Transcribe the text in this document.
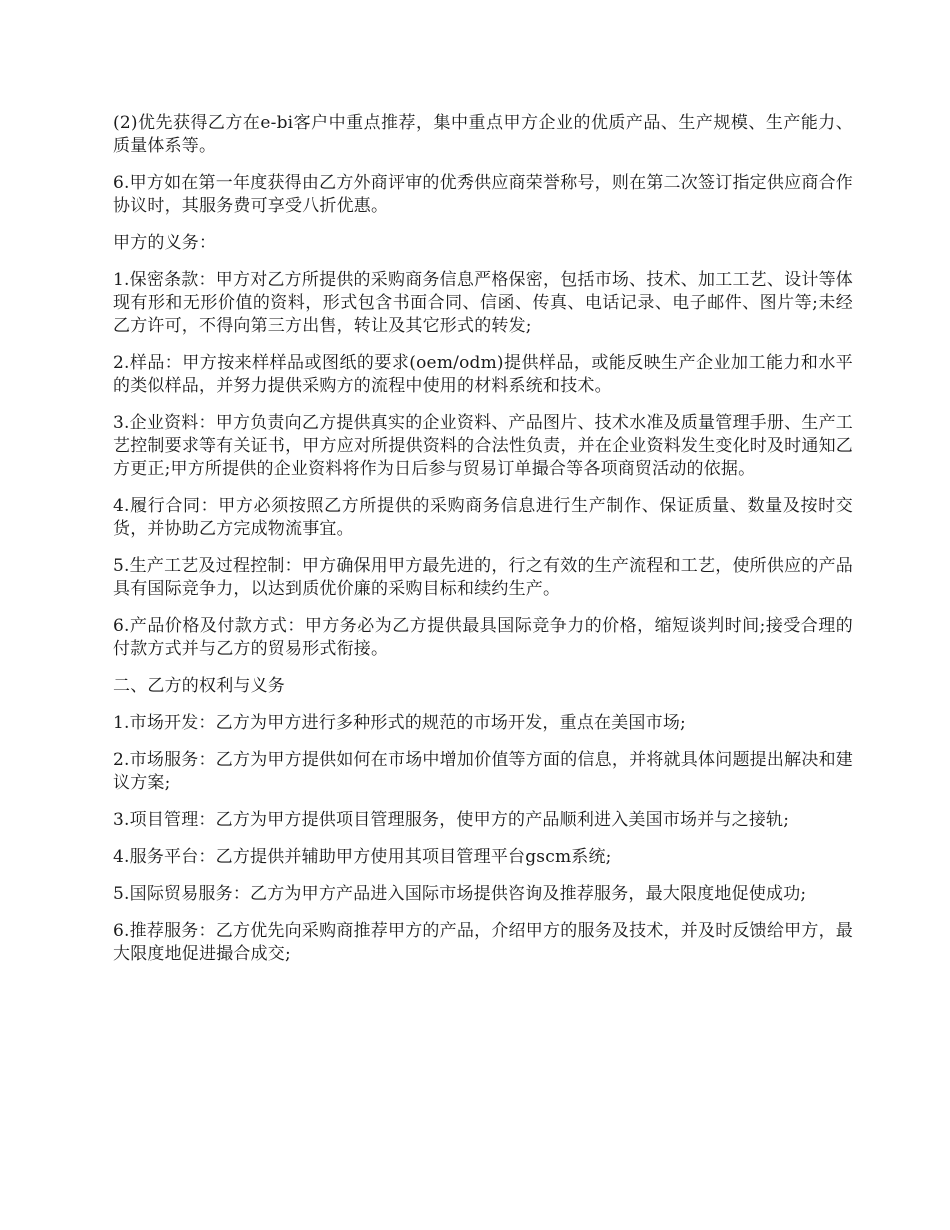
(2)优先获得乙方在e-bi客户中重点推荐，集中重点甲方企业的优质产品、生产规模、生产能力、质量体系等。

6.甲方如在第一年度获得由乙方外商评审的优秀供应商荣誉称号，则在第二次签订指定供应商合作协议时，其服务费可享受八折优惠。

甲方的义务：

1.保密条款：甲方对乙方所提供的采购商务信息严格保密，包括市场、技术、加工工艺、设计等体现有形和无形价值的资料，形式包含书面合同、信函、传真、电话记录、电子邮件、图片等;未经乙方许可，不得向第三方出售，转让及其它形式的转发;

2.样品：甲方按来样样品或图纸的要求(oem/odm)提供样品，或能反映生产企业加工能力和水平的类似样品，并努力提供采购方的流程中使用的材料系统和技术。

3.企业资料：甲方负责向乙方提供真实的企业资料、产品图片、技术水准及质量管理手册、生产工艺控制要求等有关证书，甲方应对所提供资料的合法性负责，并在企业资料发生变化时及时通知乙方更正;甲方所提供的企业资料将作为日后参与贸易订单撮合等各项商贸活动的依据。

4.履行合同：甲方必须按照乙方所提供的采购商务信息进行生产制作、保证质量、数量及按时交货，并协助乙方完成物流事宜。

5.生产工艺及过程控制：甲方确保用甲方最先进的，行之有效的生产流程和工艺，使所供应的产品具有国际竞争力，以达到质优价廉的采购目标和续约生产。

6.产品价格及付款方式：甲方务必为乙方提供最具国际竞争力的价格，缩短谈判时间;接受合理的付款方式并与乙方的贸易形式衔接。

二、乙方的权利与义务

1.市场开发：乙方为甲方进行多种形式的规范的市场开发，重点在美国市场;

2.市场服务：乙方为甲方提供如何在市场中增加价值等方面的信息，并将就具体问题提出解决和建议方案;

3.项目管理：乙方为甲方提供项目管理服务，使甲方的产品顺利进入美国市场并与之接轨;

4.服务平台：乙方提供并辅助甲方使用其项目管理平台gscm系统;

5.国际贸易服务：乙方为甲方产品进入国际市场提供咨询及推荐服务，最大限度地促使成功;

6.推荐服务：乙方优先向采购商推荐甲方的产品，介绍甲方的服务及技术，并及时反馈给甲方，最大限度地促进撮合成交;
